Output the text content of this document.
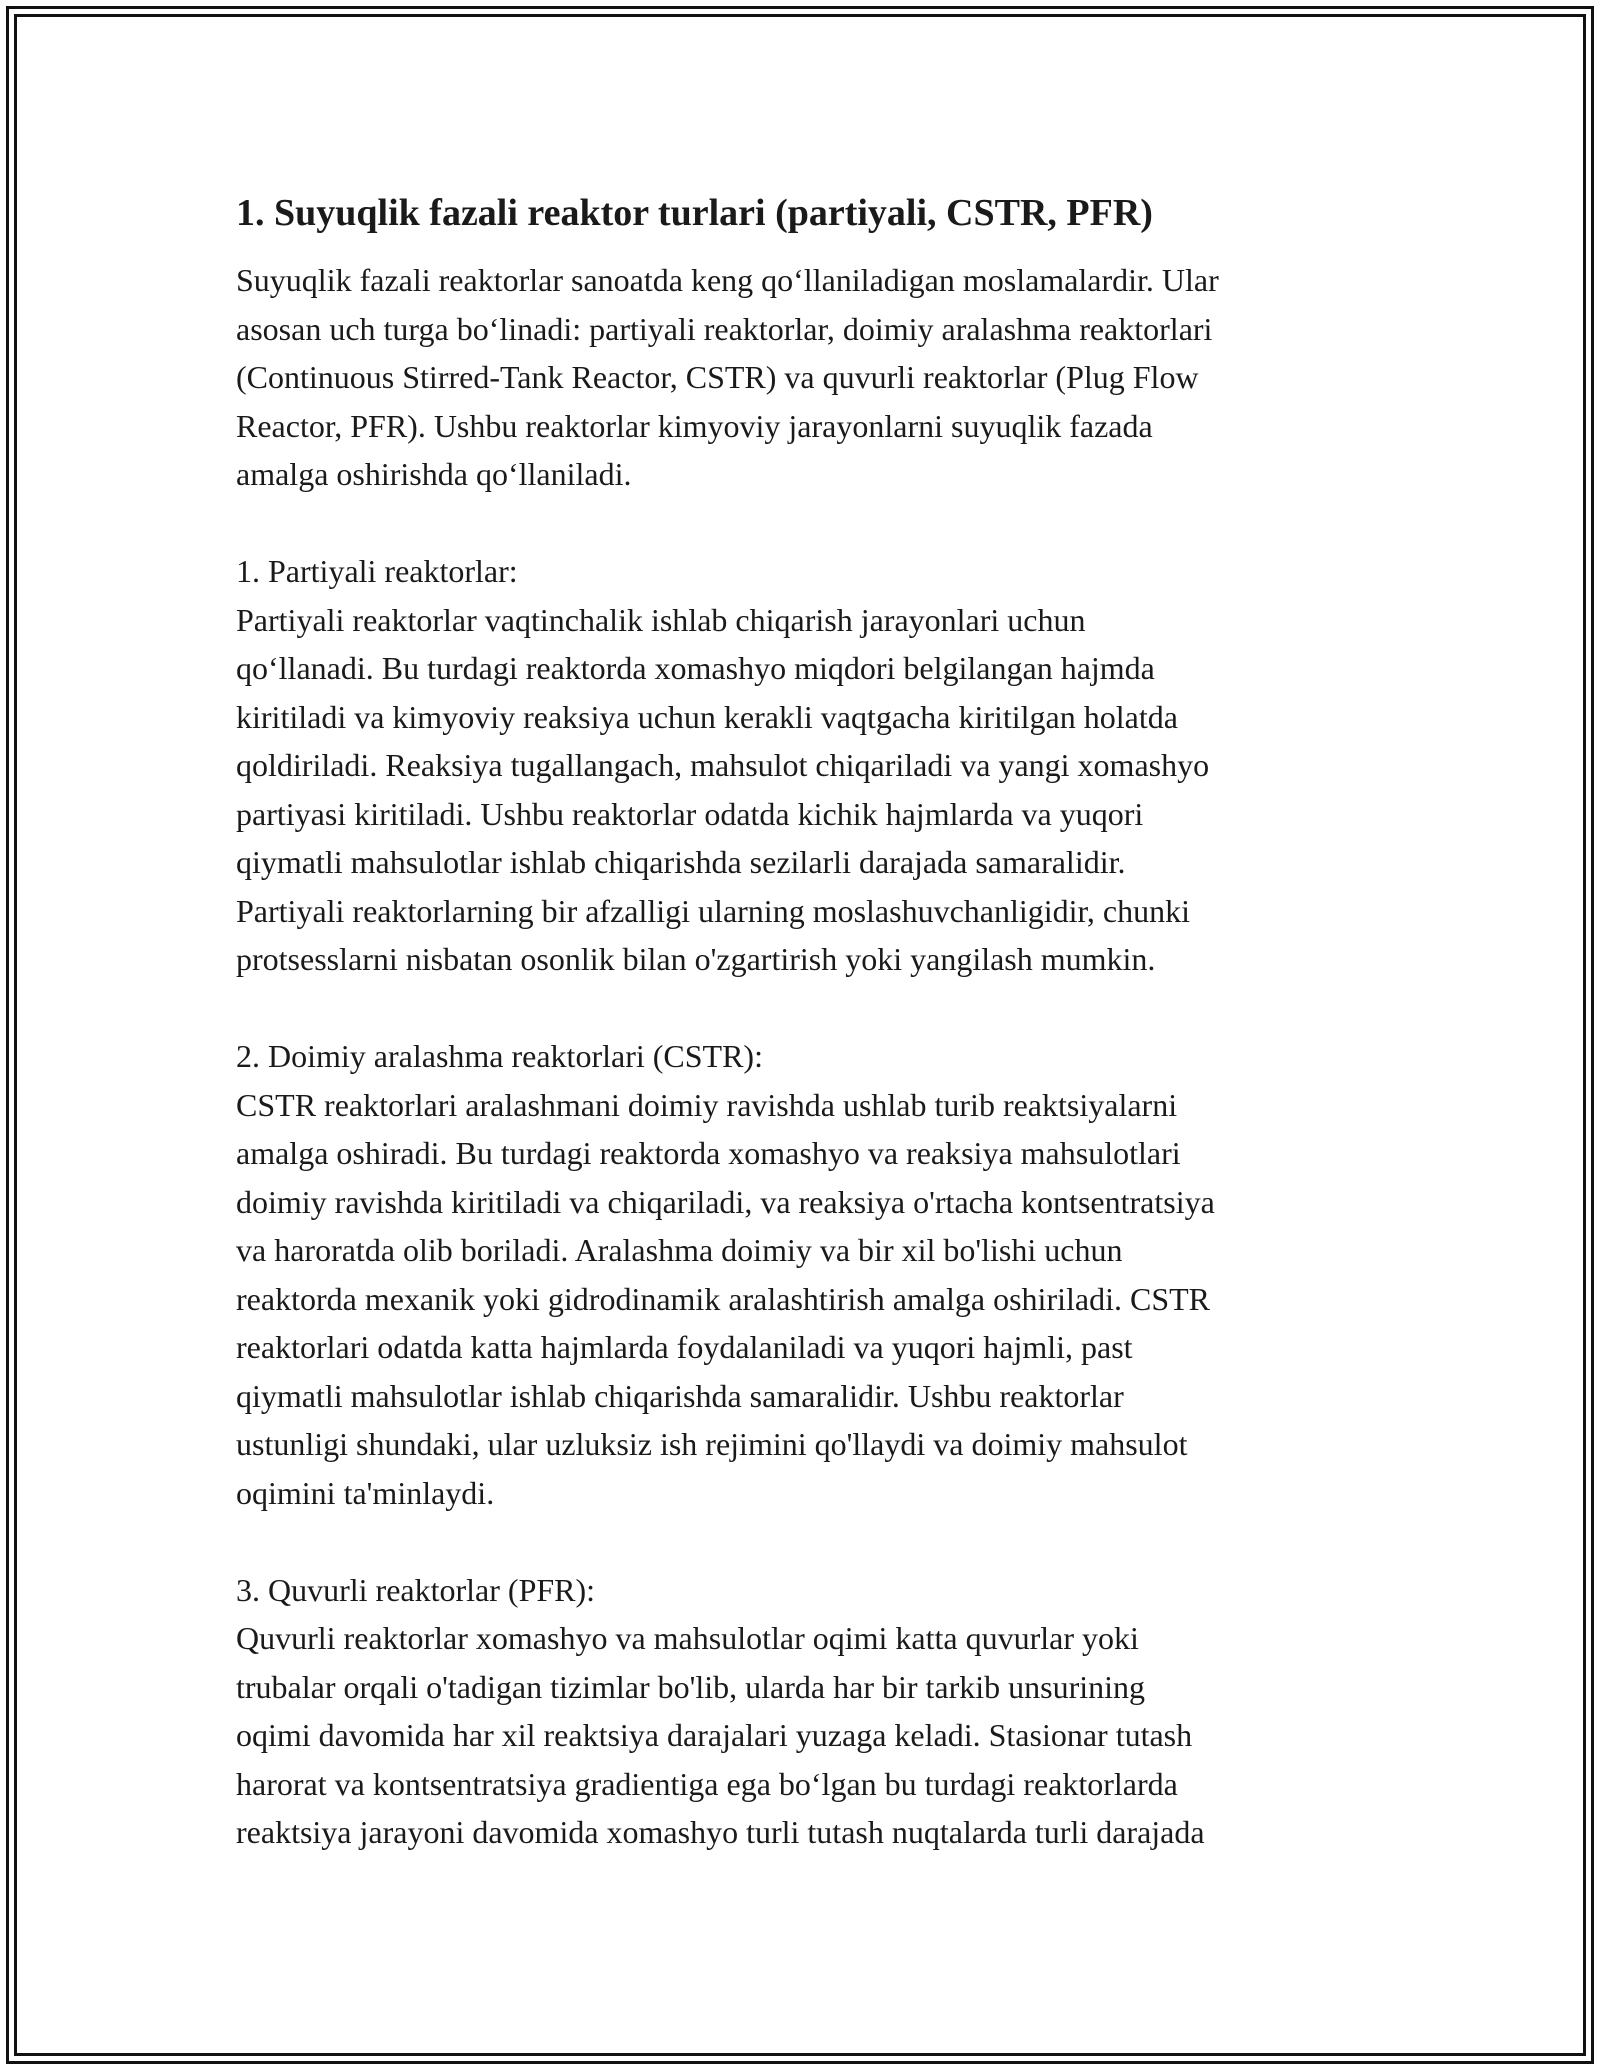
1. Suyuqlik fazali reaktor turlari (partiyali, CSTR, PFR)
Suyuqlik fazali reaktorlar sanoatda keng qo‘llaniladigan moslamalardir. Ular
asosan uch turga bo‘linadi: partiyali reaktorlar, doimiy aralashma reaktorlari
(Continuous Stirred-Tank Reactor, CSTR) va quvurli reaktorlar (Plug Flow
Reactor, PFR). Ushbu reaktorlar kimyoviy jarayonlarni suyuqlik fazada
amalga oshirishda qo‘llaniladi.
1. Partiyali reaktorlar:
Partiyali reaktorlar vaqtinchalik ishlab chiqarish jarayonlari uchun
qo‘llanadi. Bu turdagi reaktorda xomashyo miqdori belgilangan hajmda
kiritiladi va kimyoviy reaksiya uchun kerakli vaqtgacha kiritilgan holatda
qoldiriladi. Reaksiya tugallangach, mahsulot chiqariladi va yangi xomashyo
partiyasi kiritiladi. Ushbu reaktorlar odatda kichik hajmlarda va yuqori
qiymatli mahsulotlar ishlab chiqarishda sezilarli darajada samaralidir.
Partiyali reaktorlarning bir afzalligi ularning moslashuvchanligidir, chunki
protsesslarni nisbatan osonlik bilan o'zgartirish yoki yangilash mumkin.
2. Doimiy aralashma reaktorlari (CSTR):
CSTR reaktorlari aralashmani doimiy ravishda ushlab turib reaktsiyalarni
amalga oshiradi. Bu turdagi reaktorda xomashyo va reaksiya mahsulotlari
doimiy ravishda kiritiladi va chiqariladi, va reaksiya o'rtacha kontsentratsiya
va haroratda olib boriladi. Aralashma doimiy va bir xil bo'lishi uchun
reaktorda mexanik yoki gidrodinamik aralashtirish amalga oshiriladi. CSTR
reaktorlari odatda katta hajmlarda foydalaniladi va yuqori hajmli, past
qiymatli mahsulotlar ishlab chiqarishda samaralidir. Ushbu reaktorlar
ustunligi shundaki, ular uzluksiz ish rejimini qo'llaydi va doimiy mahsulot
oqimini ta'minlaydi.
3. Quvurli reaktorlar (PFR):
Quvurli reaktorlar xomashyo va mahsulotlar oqimi katta quvurlar yoki
trubalar orqali o'tadigan tizimlar bo'lib, ularda har bir tarkib unsurining
oqimi davomida har xil reaktsiya darajalari yuzaga keladi. Stasionar tutash
harorat va kontsentratsiya gradientiga ega bo‘lgan bu turdagi reaktorlarda
reaktsiya jarayoni davomida xomashyo turli tutash nuqtalarda turli darajada
